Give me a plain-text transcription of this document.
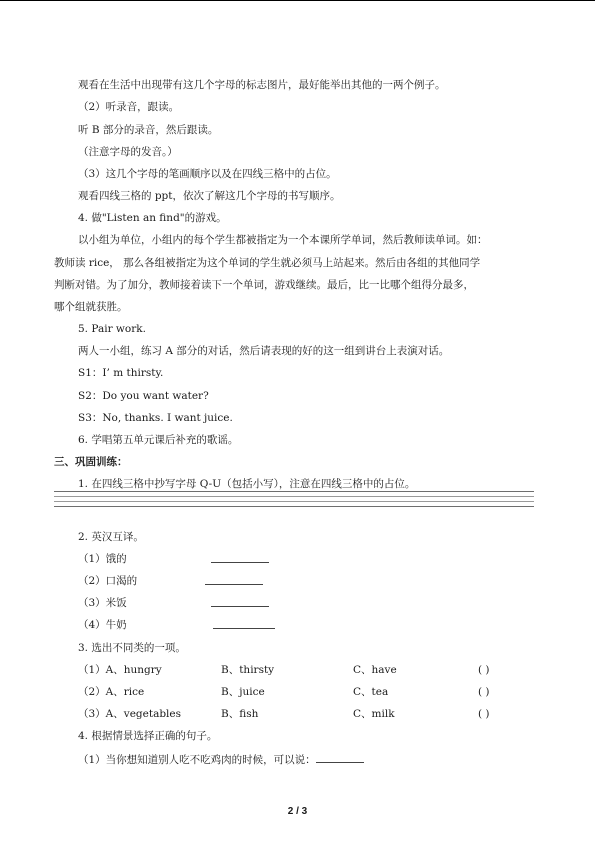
观看在生活中出现带有这几个字母的标志图片，最好能举出其他的一两个例子。
（2）听录音，跟读。
听 B 部分的录音，然后跟读。
（注意字母的发音。）
（3）这几个字母的笔画顺序以及在四线三格中的占位。
观看四线三格的 ppt，依次了解这几个字母的书写顺序。
4. 做"Listen an find"的游戏。
以小组为单位，小组内的每个学生都被指定为一个本课所学单词，然后教师读单词。如：
教师读 rice， 那么各组被指定为这个单词的学生就必须马上站起来。然后由各组的其他同学
判断对错。为了加分，教师接着读下一个单词，游戏继续。最后，比一比哪个组得分最多，
哪个组就获胜。
5. Pair work.
两人一小组，练习 A 部分的对话，然后请表现的好的这一组到讲台上表演对话。
S1：I’ m thirsty.
S2：Do you want water?
S3：No, thanks. I want juice.
6. 学唱第五单元课后补充的歌谣。
三、巩固训练：
1. 在四线三格中抄写字母 Q-U（包括小写），注意在四线三格中的占位。
2. 英汉互译。
（1）饿的
（2）口渴的
（3）米饭
（4）牛奶
3. 选出不同类的一项。
（1）A、hungry	B、thirsty	C、have	( )
（2）A、rice	B、juice	C、tea	( )
（3）A、vegetables	B、fish	C、milk	( )
4. 根据情景选择正确的句子。
（1）当你想知道别人吃不吃鸡肉的时候，可以说：
2 / 3
